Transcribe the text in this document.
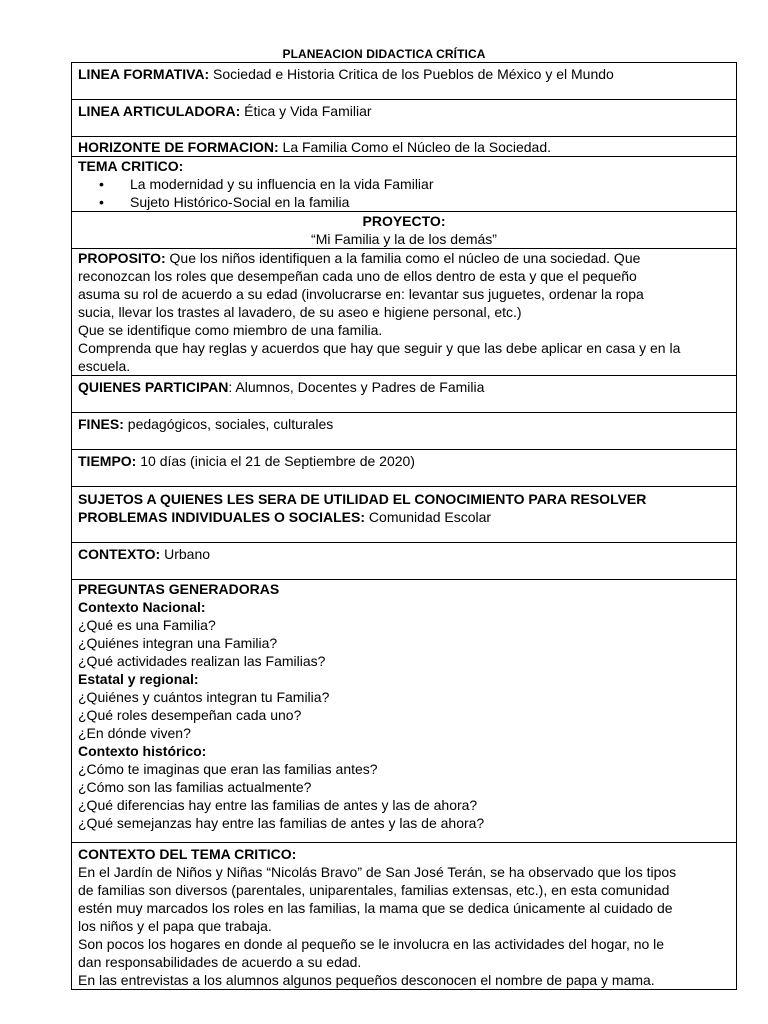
PLANEACION DIDACTICA CRÍTICA
LINEA FORMATIVA: Sociedad e Historia Critica de los Pueblos de México y el Mundo
LINEA ARTICULADORA: Ética y Vida Familiar
HORIZONTE DE FORMACION: La Familia Como el Núcleo de la Sociedad.

TEMA CRITICO:
• La modernidad y su influencia en la vida Familiar
• Sujeto Histórico-Social en la familia

PROYECTO:
“Mi Familia y la de los demás”

PROPOSITO: Que los niños identifiquen a la familia como el núcleo de una sociedad. Que
reconozcan los roles que desempeñan cada uno de ellos dentro de esta y que el pequeño
asuma su rol de acuerdo a su edad (involucrarse en: levantar sus juguetes, ordenar la ropa
sucia, llevar los trastes al lavadero, de su aseo e higiene personal, etc.)
Que se identifique como miembro de una familia.
Comprenda que hay reglas y acuerdos que hay que seguir y que las debe aplicar en casa y en la
escuela.

QUIENES PARTICIPAN: Alumnos, Docentes y Padres de Familia
FINES: pedagógicos, sociales, culturales
TIEMPO: 10 días (inicia el 21 de Septiembre de 2020)

SUJETOS A QUIENES LES SERA DE UTILIDAD EL CONOCIMIENTO PARA RESOLVER
PROBLEMAS INDIVIDUALES O SOCIALES: Comunidad Escolar

CONTEXTO: Urbano

PREGUNTAS GENERADORAS
Contexto Nacional:
¿Qué es una Familia?
¿Quiénes integran una Familia?
¿Qué actividades realizan las Familias?
Estatal y regional:
¿Quiénes y cuántos integran tu Familia?
¿Qué roles desempeñan cada uno?
¿En dónde viven?
Contexto histórico:
¿Cómo te imaginas que eran las familias antes?
¿Cómo son las familias actualmente?
¿Qué diferencias hay entre las familias de antes y las de ahora?
¿Qué semejanzas hay entre las familias de antes y las de ahora?

CONTEXTO DEL TEMA CRITICO:
En el Jardín de Niños y Niñas “Nicolás Bravo” de San José Terán, se ha observado que los tipos
de familias son diversos (parentales, uniparentales, familias extensas, etc.), en esta comunidad
estén muy marcados los roles en las familias, la mama que se dedica únicamente al cuidado de
los niños y el papa que trabaja.
Son pocos los hogares en donde al pequeño se le involucra en las actividades del hogar, no le
dan responsabilidades de acuerdo a su edad.
En las entrevistas a los alumnos algunos pequeños desconocen el nombre de papa y mama.
